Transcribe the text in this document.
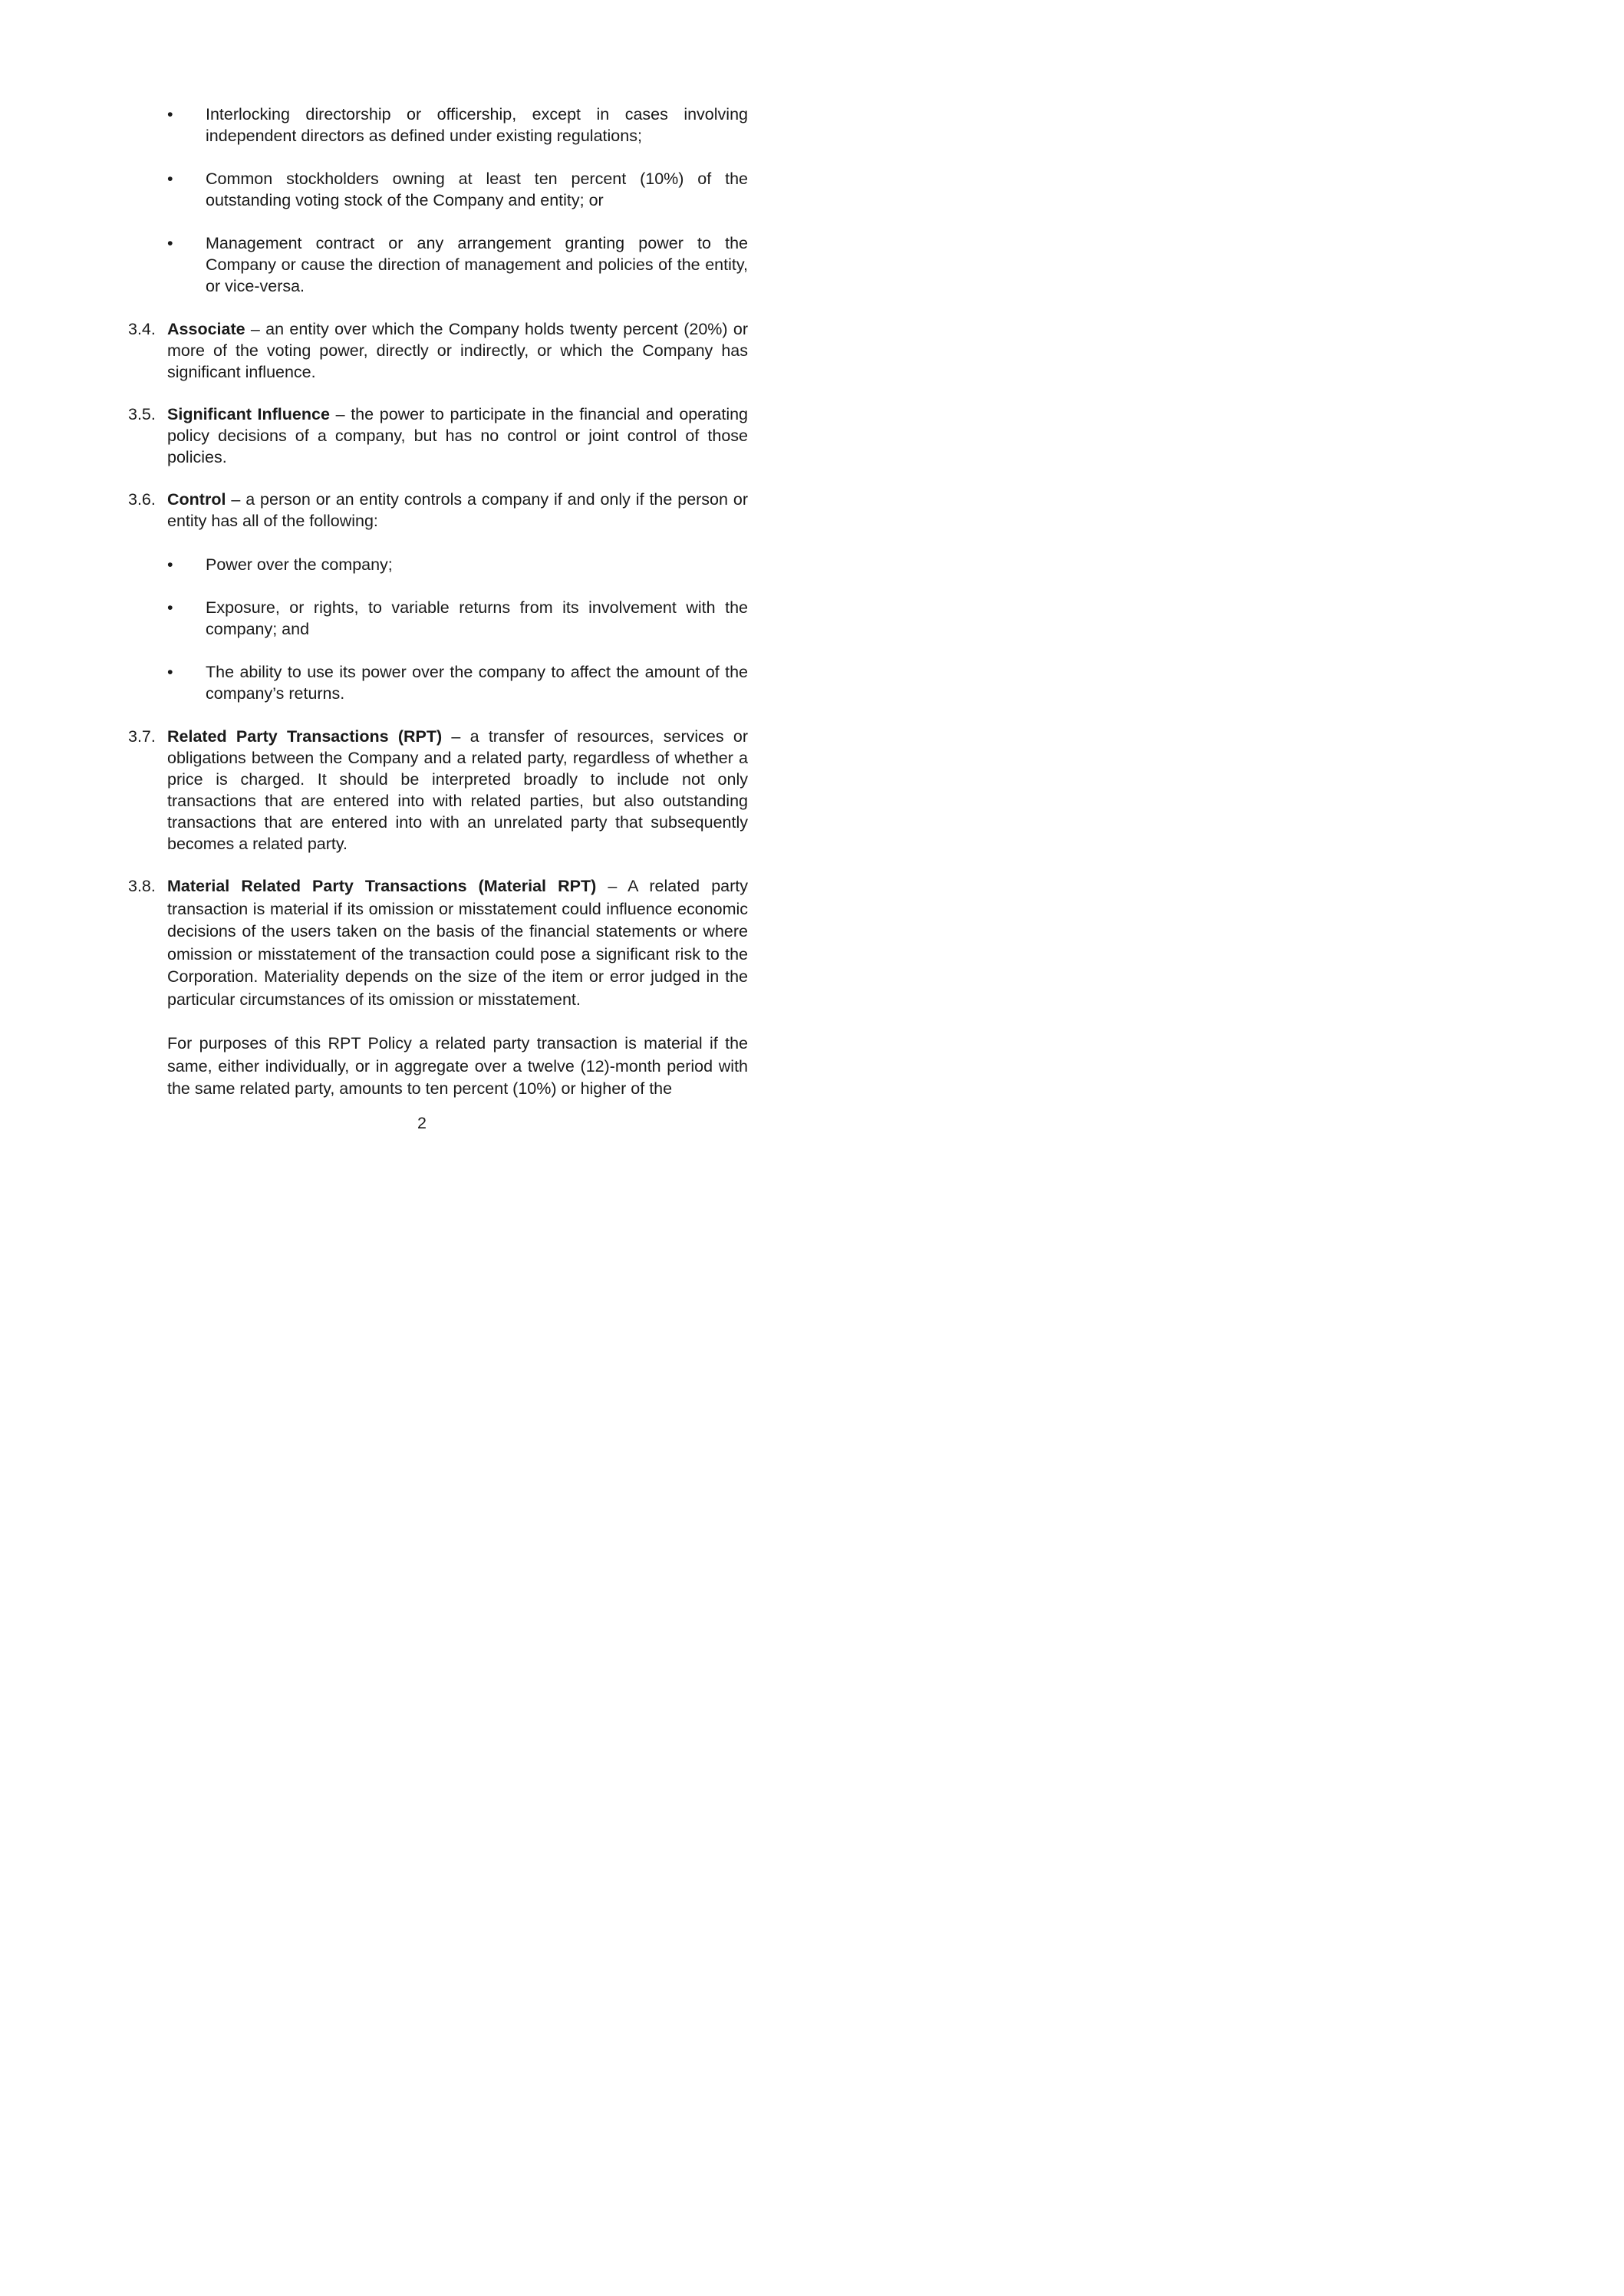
•	Interlocking directorship or officership, except in cases involving independent directors as defined under existing regulations;
•	Common stockholders owning at least ten percent (10%) of the outstanding voting stock of the Company and entity; or
•	Management contract or any arrangement granting power to the Company or cause the direction of management and policies of the entity, or vice-versa.
3.4. Associate – an entity over which the Company holds twenty percent (20%) or more of the voting power, directly or indirectly, or which the Company has significant influence.
3.5. Significant Influence – the power to participate in the financial and operating policy decisions of a company, but has no control or joint control of those policies.
3.6. Control – a person or an entity controls a company if and only if the person or entity has all of the following:
•	Power over the company;
•	Exposure, or rights, to variable returns from its involvement with the company; and
•	The ability to use its power over the company to affect the amount of the company’s returns.
3.7. Related Party Transactions (RPT) – a transfer of resources, services or obligations between the Company and a related party, regardless of whether a price is charged. It should be interpreted broadly to include not only transactions that are entered into with related parties, but also outstanding transactions that are entered into with an unrelated party that subsequently becomes a related party.
3.8. Material Related Party Transactions (Material RPT) – A related party transaction is material if its omission or misstatement could influence economic decisions of the users taken on the basis of the financial statements or where omission or misstatement of the transaction could pose a significant risk to the Corporation. Materiality depends on the size of the item or error judged in the particular circumstances of its omission or misstatement.
For purposes of this RPT Policy a related party transaction is material if the same, either individually, or in aggregate over a twelve (12)-month period with the same related party, amounts to ten percent (10%) or higher of the
2
